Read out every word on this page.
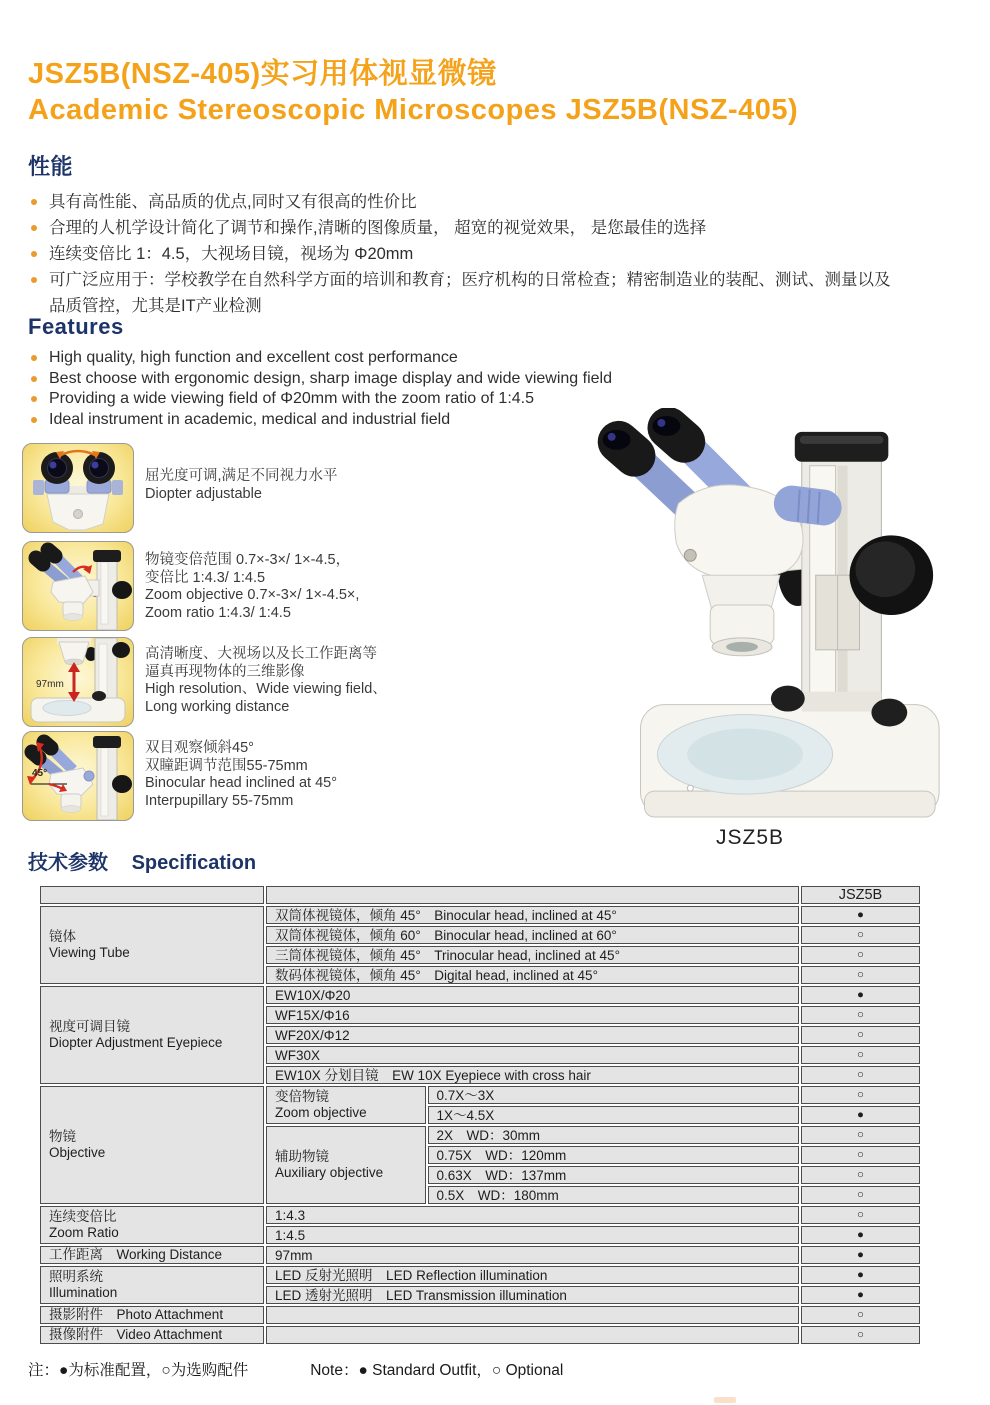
JSZ5B(NSZ-405)实习用体视显微镜
Academic Stereoscopic Microscopes JSZ5B(NSZ-405)
性能
具有高性能、高品质的优点,同时又有很高的性价比
合理的人机学设计简化了调节和操作,清晰的图像质量， 超宽的视觉效果， 是您最佳的选择
连续变倍比 1：4.5，大视场目镜，视场为 Φ20mm
可广泛应用于：学校教学在自然科学方面的培训和教育；医疗机构的日常检查；精密制造业的装配、测试、测量以及品质管控，尤其是IT产业检测
Features
High quality, high function and excellent cost performance
Best choose with ergonomic design, sharp image display and wide viewing field
Providing a wide viewing field of Φ20mm with the zoom ratio of 1:4.5
Ideal instrument in academic, medical and industrial field
屈光度可调,满足不同视力水平
Diopter adjustable
物镜变倍范围 0.7×-3×/ 1×-4.5，
变倍比 1:4.3/ 1:4.5
Zoom objective 0.7×-3×/ 1×-4.5×,
Zoom ratio 1:4.3/ 1:4.5
97mm
高清晰度、大视场以及长工作距离等
逼真再现物体的三维影像
High resolution、Wide viewing field、
Long working distance
45°
双目观察倾斜45°
双瞳距调节范围55-75mm
Binocular head inclined at 45°
Interpupillary 55-75mm
JSZ5B
技术参数 Specification
			JSZ5B
镜体
Viewing Tube	双筒体视镜体，倾角 45°　Binocular head, inclined at 45°		●
	双筒体视镜体，倾角 60°　Binocular head, inclined at 60°		○
	三筒体视镜体，倾角 45°　Trinocular head, inclined at 45°		○
	数码体视镜体，倾角 45°　Digital head, inclined at 45°		○
视度可调目镜
Diopter Adjustment Eyepiece	EW10X/Φ20		●
	WF15X/Φ16		○
	WF20X/Φ12		○
	WF30X		○
	EW10X 分划目镜　EW 10X Eyepiece with cross hair		○
物镜
Objective	变倍物镜
Zoom objective	0.7X～3X	○
		1X～4.5X	●
	辅助物镜
Auxiliary objective	2X　WD：30mm	○
		0.75X　WD：120mm	○
		0.63X　WD：137mm	○
		0.5X　WD：180mm	○
连续变倍比
Zoom Ratio	1:4.3		○
	1:4.5		●
工作距离　Working Distance	97mm		●
照明系统
Illumination	LED 反射光照明　LED Reflection illumination		●
	LED 透射光照明　LED Transmission illumination		●
摄影附件　Photo Attachment			○
摄像附件　Video Attachment			○
注：●为标准配置，○为选购配件	Note：● Standard Outfit，○ Optional
